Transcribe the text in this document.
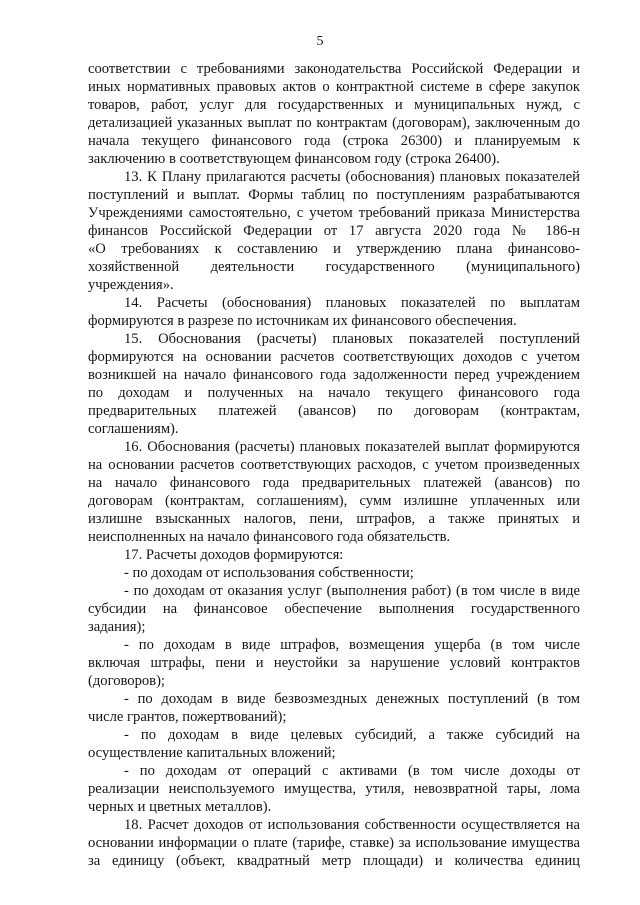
5
соответствии с требованиями законодательства Российской Федерации и
иных нормативных правовых актов о контрактной системе в сфере закупок
товаров, работ, услуг для государственных и муниципальных нужд, с
детализацией указанных выплат по контрактам (договорам), заключенным до
начала текущего финансового года (строка 26300) и планируемым к
заключению в соответствующем финансовом году (строка 26400).
13. К Плану прилагаются расчеты (обоснования) плановых показателей
поступлений и выплат. Формы таблиц по поступлениям разрабатываются
Учреждениями самостоятельно, с учетом требований приказа Министерства
финансов Российской Федерации от 17 августа 2020 года № 186-н
«О требованиях к составлению и утверждению плана финансово-
хозяйственной деятельности государственного (муниципального)
учреждения».
14. Расчеты (обоснования) плановых показателей по выплатам
формируются в разрезе по источникам их финансового обеспечения.
15. Обоснования (расчеты) плановых показателей поступлений
формируются на основании расчетов соответствующих доходов с учетом
возникшей на начало финансового года задолженности перед учреждением
по доходам и полученных на начало текущего финансового года
предварительных платежей (авансов) по договорам (контрактам,
соглашениям).
16. Обоснования (расчеты) плановых показателей выплат формируются
на основании расчетов соответствующих расходов, с учетом произведенных
на начало финансового года предварительных платежей (авансов) по
договорам (контрактам, соглашениям), сумм излишне уплаченных или
излишне взысканных налогов, пени, штрафов, а также принятых и
неисполненных на начало финансового года обязательств.
17. Расчеты доходов формируются:
- по доходам от использования собственности;
- по доходам от оказания услуг (выполнения работ) (в том числе в виде
субсидии на финансовое обеспечение выполнения государственного
задания);
- по доходам в виде штрафов, возмещения ущерба (в том числе
включая штрафы, пени и неустойки за нарушение условий контрактов
(договоров);
- по доходам в виде безвозмездных денежных поступлений (в том
числе грантов, пожертвований);
- по доходам в виде целевых субсидий, а также субсидий на
осуществление капитальных вложений;
- по доходам от операций с активами (в том числе доходы от
реализации неиспользуемого имущества, утиля, невозвратной тары, лома
черных и цветных металлов).
18. Расчет доходов от использования собственности осуществляется на
основании информации о плате (тарифе, ставке) за использование имущества
за единицу (объект, квадратный метр площади) и количества единиц
